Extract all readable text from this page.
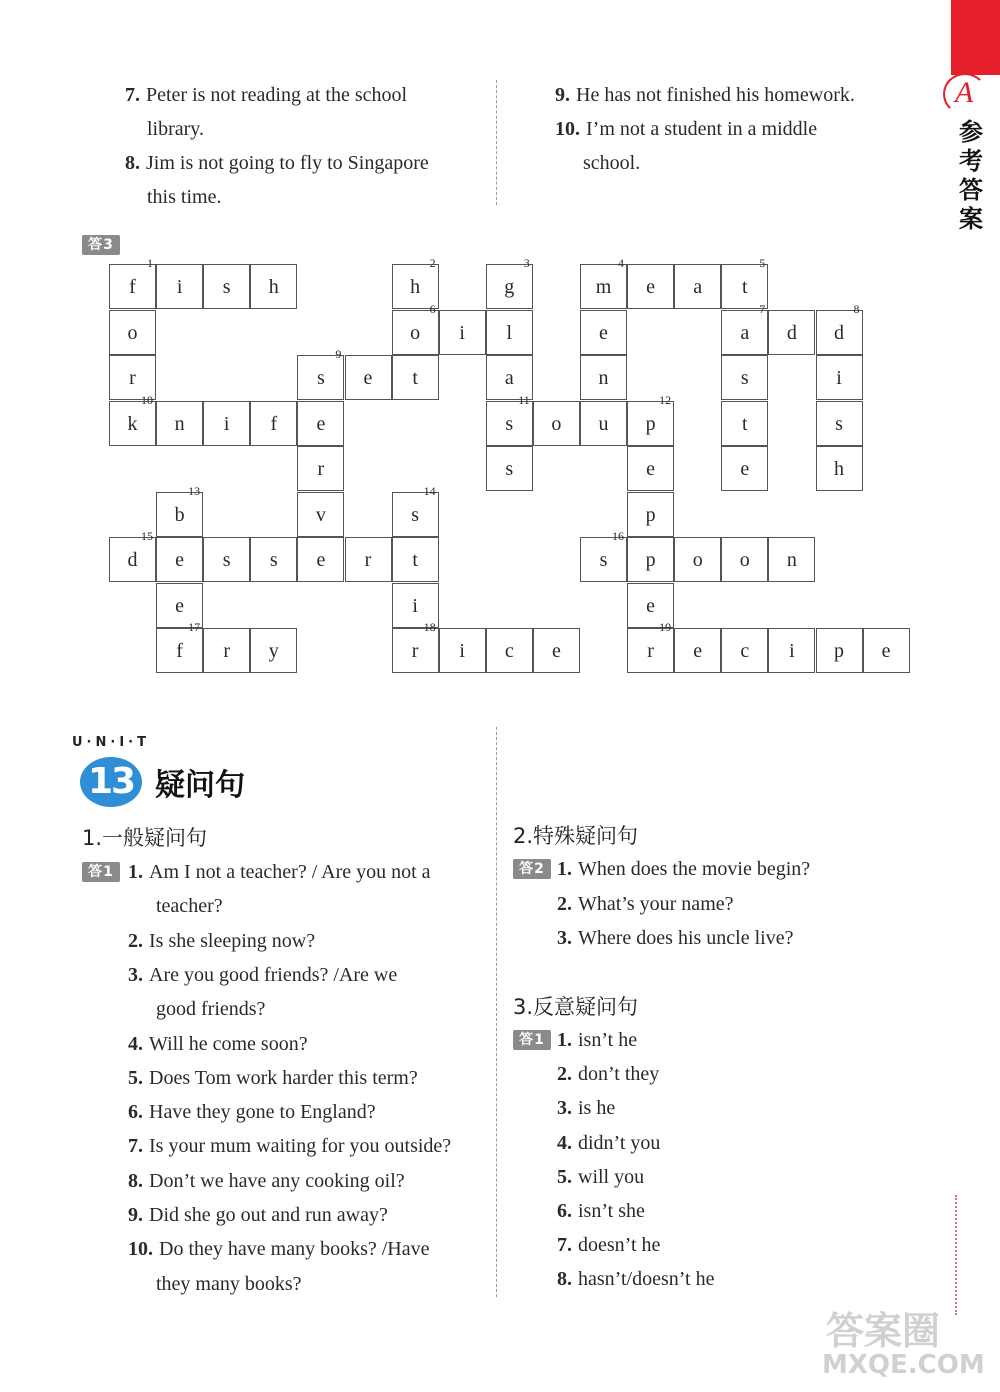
A
参
考
答
案
7. Peter is not reading at the school
library.
8. Jim is not going to fly to Singapore
this time.
9. He has not finished his homework.
10. I’m not a student in a middle
school.
答3
f
1
i	s	h	h
2
g
3
m
4
e	a	t
5
o	o
6
i	l	e	a
7
d	d
8
r	s
9
e	t	a	n	s	i
k
10
n	i	f	e	s
11
o	u	p
12
t	s
r	s	e	e	h
b
13
v	s
14
p
d
15
e	s	s	e	r	t	s
16
p	o	o	n
e	i	e
f
17
r	y	r
18
i	c	e	r
19
e	c	i	p	e
U·N·I·T
13 疑问句
1.一般疑问句
答1 1. Am I not a teacher? / Are you not a
teacher?
2. Is she sleeping now?
3. Are you good friends? /Are we
good friends?
4. Will he come soon?
5. Does Tom work harder this term?
6. Have they gone to England?
7. Is your mum waiting for you outside?
8. Don’t we have any cooking oil?
9. Did she go out and run away?
10. Do they have many books? /Have
they many books?
2.特殊疑问句
答2 1. When does the movie begin?
2. What’s your name?
3. Where does his uncle live?
3.反意疑问句
答1 1. isn’t he
2. don’t they
3. is he
4. didn’t you
5. will you
6. isn’t she
7. doesn’t he
8. hasn’t/doesn’t he
答案圈
MXQE.COM
